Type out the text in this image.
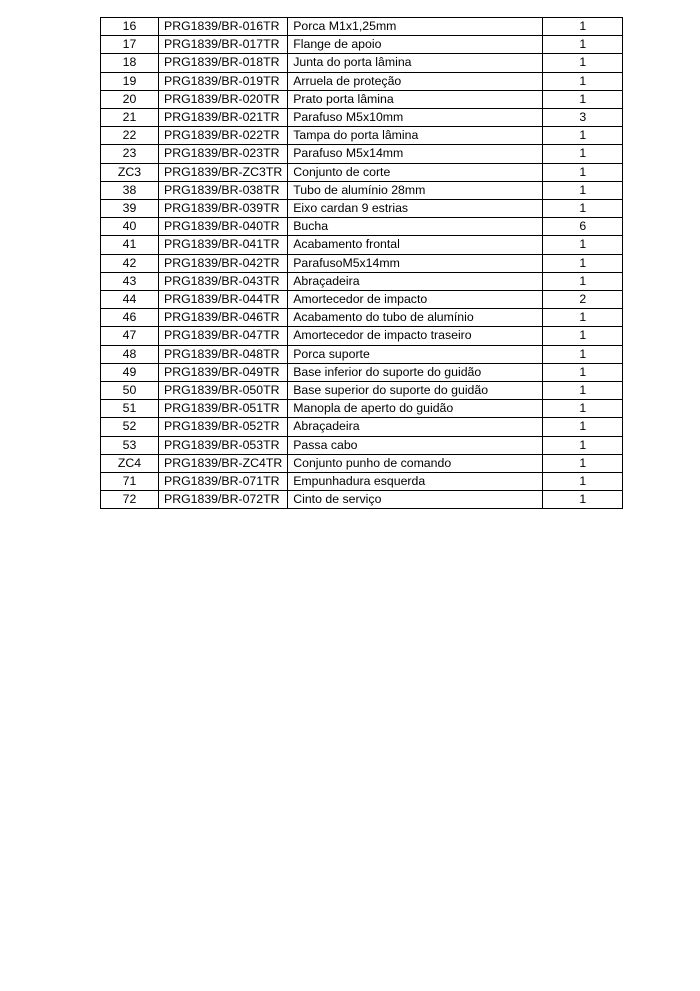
16	PRG1839/BR-016TR	Porca M1x1,25mm	1
17	PRG1839/BR-017TR	Flange de apoio	1
18	PRG1839/BR-018TR	Junta do porta lâmina	1
19	PRG1839/BR-019TR	Arruela de proteção	1
20	PRG1839/BR-020TR	Prato porta lâmina	1
21	PRG1839/BR-021TR	Parafuso M5x10mm	3
22	PRG1839/BR-022TR	Tampa do porta lâmina	1
23	PRG1839/BR-023TR	Parafuso M5x14mm	1
ZC3	PRG1839/BR-ZC3TR	Conjunto de corte	1
38	PRG1839/BR-038TR	Tubo de alumínio 28mm	1
39	PRG1839/BR-039TR	Eixo cardan 9 estrias	1
40	PRG1839/BR-040TR	Bucha	6
41	PRG1839/BR-041TR	Acabamento frontal	1
42	PRG1839/BR-042TR	ParafusoM5x14mm	1
43	PRG1839/BR-043TR	Abraçadeira	1
44	PRG1839/BR-044TR	Amortecedor de impacto	2
46	PRG1839/BR-046TR	Acabamento do tubo de alumínio	1
47	PRG1839/BR-047TR	Amortecedor de impacto traseiro	1
48	PRG1839/BR-048TR	Porca suporte	1
49	PRG1839/BR-049TR	Base inferior do suporte do guidão	1
50	PRG1839/BR-050TR	Base superior do suporte do guidão	1
51	PRG1839/BR-051TR	Manopla de aperto do guidão	1
52	PRG1839/BR-052TR	Abraçadeira	1
53	PRG1839/BR-053TR	Passa cabo	1
ZC4	PRG1839/BR-ZC4TR	Conjunto punho de comando	1
71	PRG1839/BR-071TR	Empunhadura esquerda	1
72	PRG1839/BR-072TR	Cinto de serviço	1
